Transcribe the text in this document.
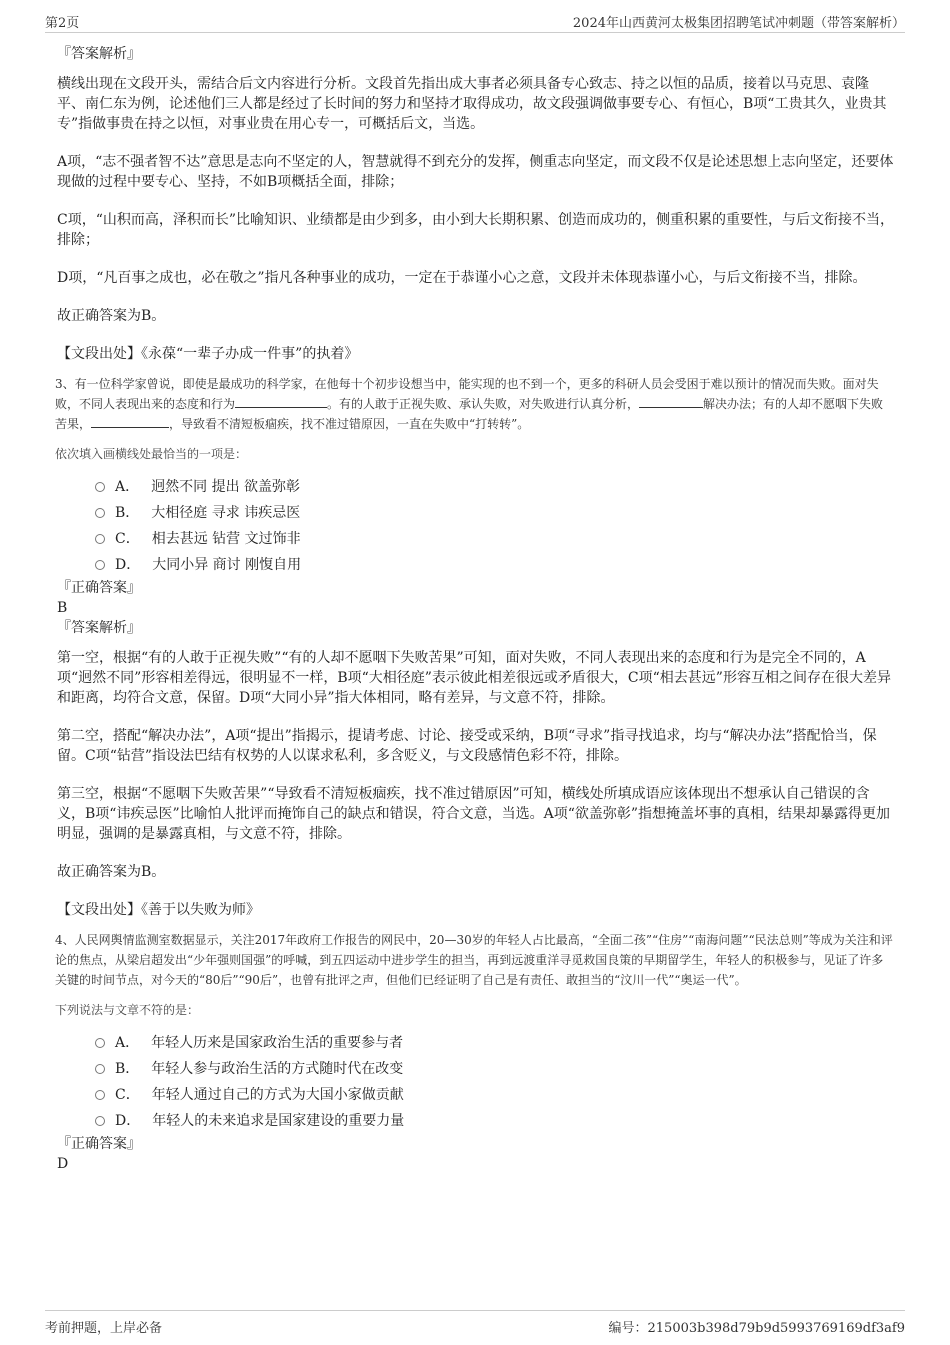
第2页	2024年山西黄河太极集团招聘笔试冲刺题（带答案解析）

『答案解析』

横线出现在文段开头，需结合后文内容进行分析。文段首先指出成大事者必须具备专心致志、持之以恒的品质，接着以马克思、袁隆平、南仁东为例，论述他们三人都是经过了长时间的努力和坚持才取得成功，故文段强调做事要专心、有恒心，B项“工贵其久，业贵其专”指做事贵在持之以恒，对事业贵在用心专一，可概括后文，当选。

A项，“志不强者智不达”意思是志向不坚定的人，智慧就得不到充分的发挥，侧重志向坚定，而文段不仅是论述思想上志向坚定，还要体现做的过程中要专心、坚持，不如B项概括全面，排除；

C项，“山积而高，泽积而长”比喻知识、业绩都是由少到多，由小到大长期积累、创造而成功的，侧重积累的重要性，与后文衔接不当，排除；

D项，“凡百事之成也，必在敬之”指凡各种事业的成功，一定在于恭谨小心之意，文段并未体现恭谨小心，与后文衔接不当，排除。

故正确答案为B。

【文段出处】《永葆“一辈子办成一件事”的执着》

3、有一位科学家曾说，即使是最成功的科学家，在他每十个初步设想当中，能实现的也不到一个，更多的科研人员会受困于难以预计的情况而失败。面对失败，不同人表现出来的态度和行为	。有的人敢于正视失败、承认失败，对失败进行认真分析，	解决办法；有的人却不愿咽下失败苦果，	，导致看不清短板痼疾，找不准过错原因，一直在失败中“打转转”。

依次填入画横线处最恰当的一项是：

A． 迥然不同 提出 欲盖弥彰
B． 大相径庭 寻求 讳疾忌医
C． 相去甚远 钻营 文过饰非
D． 大同小异 商讨 刚愎自用

『正确答案』

B

『答案解析』

第一空，根据“有的人敢于正视失败”“有的人却不愿咽下失败苦果”可知，面对失败，不同人表现出来的态度和行为是完全不同的，A项“迥然不同”形容相差得远，很明显不一样，B项“大相径庭”表示彼此相差很远或矛盾很大，C项“相去甚远”形容互相之间存在很大差异和距离，均符合文意，保留。D项“大同小异”指大体相同，略有差异，与文意不符，排除。

第二空，搭配“解决办法”，A项“提出”指揭示，提请考虑、讨论、接受或采纳，B项“寻求”指寻找追求，均与“解决办法”搭配恰当，保留。C项“钻营”指设法巴结有权势的人以谋求私利，多含贬义，与文段感情色彩不符，排除。

第三空，根据“不愿咽下失败苦果”“导致看不清短板痼疾，找不准过错原因”可知，横线处所填成语应该体现出不想承认自己错误的含义，B项“讳疾忌医”比喻怕人批评而掩饰自己的缺点和错误，符合文意，当选。A项“欲盖弥彰”指想掩盖坏事的真相，结果却暴露得更加明显，强调的是暴露真相，与文意不符，排除。

故正确答案为B。

【文段出处】《善于以失败为师》

4、人民网舆情监测室数据显示，关注2017年政府工作报告的网民中，20—30岁的年轻人占比最高，“全面二孩”“住房”“南海问题”“民法总则”等成为关注和评论的焦点，从梁启超发出“少年强则国强”的呼喊，到五四运动中进步学生的担当，再到远渡重洋寻觅救国良策的早期留学生，年轻人的积极参与，见证了许多关键的时间节点，对今天的“80后”“90后”，也曾有批评之声，但他们已经证明了自己是有责任、敢担当的“汶川一代”“奥运一代”。

下列说法与文章不符的是：

A． 年轻人历来是国家政治生活的重要参与者
B． 年轻人参与政治生活的方式随时代在改变
C． 年轻人通过自己的方式为大国小家做贡献
D． 年轻人的未来追求是国家建设的重要力量

『正确答案』

D

考前押题，上岸必备	编号：215003b398d79b9d5993769169df3af9
